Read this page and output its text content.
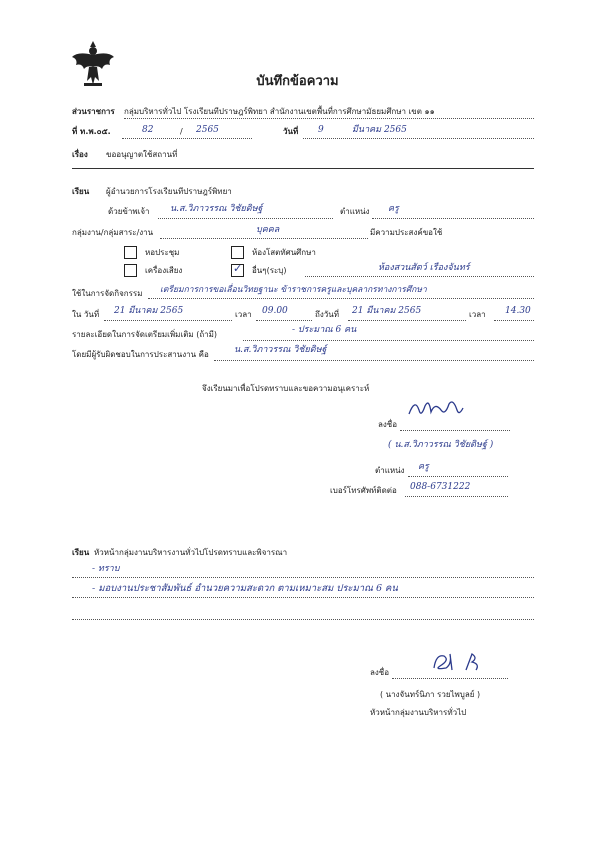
บันทึกข้อความ
ส่วนราชการ กลุ่มบริหารทั่วไป โรงเรียนทีปราษฎร์พิทยา สำนักงานเขตพื้นที่การศึกษามัธยมศึกษา เขต ๑๑
ที่ ท.พ.๐๕.	82	/ 2565	วันที่ 9	มีนาคม 2565
เรื่อง ขออนุญาตใช้สถานที่
เรียน ผู้อำนวยการโรงเรียนทีปราษฎร์พิทยา
ด้วยข้าพเจ้า น.ส.วิภาวรรณ วิชัยดิษฐ์	ตำแหน่ง ครู
กลุ่มงาน/กลุ่มสาระ/งาน	บุคคล	มีความประสงค์ขอใช้
หอประชุม	ห้องโสตทัศนศึกษา
เครื่องเสียง	✓ อื่นๆ(ระบุ)	ห้องสวนสัตว์ เรืองจันทร์
ใช้ในการจัดกิจกรรม เตรียมการการขอเลื่อนวิทยฐานะ ข้าราชการครูและบุคลากรทางการศึกษา
ใน วันที่ 21 มีนาคม 2565	เวลา 09.00	ถึงวันที่ 21 มีนาคม 2565	เวลา 14.30
รายละเอียดในการจัดเตรียมเพิ่มเติม (ถ้ามี)	- ประมาณ 6 คน
โดยมีผู้รับผิดชอบในการประสานงาน คือ	น.ส.วิภาวรรณ วิชัยดิษฐ์
จึงเรียนมาเพื่อโปรดทราบและขอความอนุเคราะห์
ลงชื่อ
( น.ส.วิภาวรรณ วิชัยดิษฐ์ )
ตำแหน่ง ครู
เบอร์โทรศัพท์ติดต่อ 088-6731222
เรียน หัวหน้ากลุ่มงานบริหารงานทั่วไปโปรดทราบและพิจารณา
- ทราบ
- มอบงานประชาสัมพันธ์ อำนวยความสะดวก ตามเหมาะสม ประมาณ 6 คน
ลงชื่อ
( นางจันทร์นิภา รวยไพบูลย์ )
หัวหน้ากลุ่มงานบริหารทั่วไป
